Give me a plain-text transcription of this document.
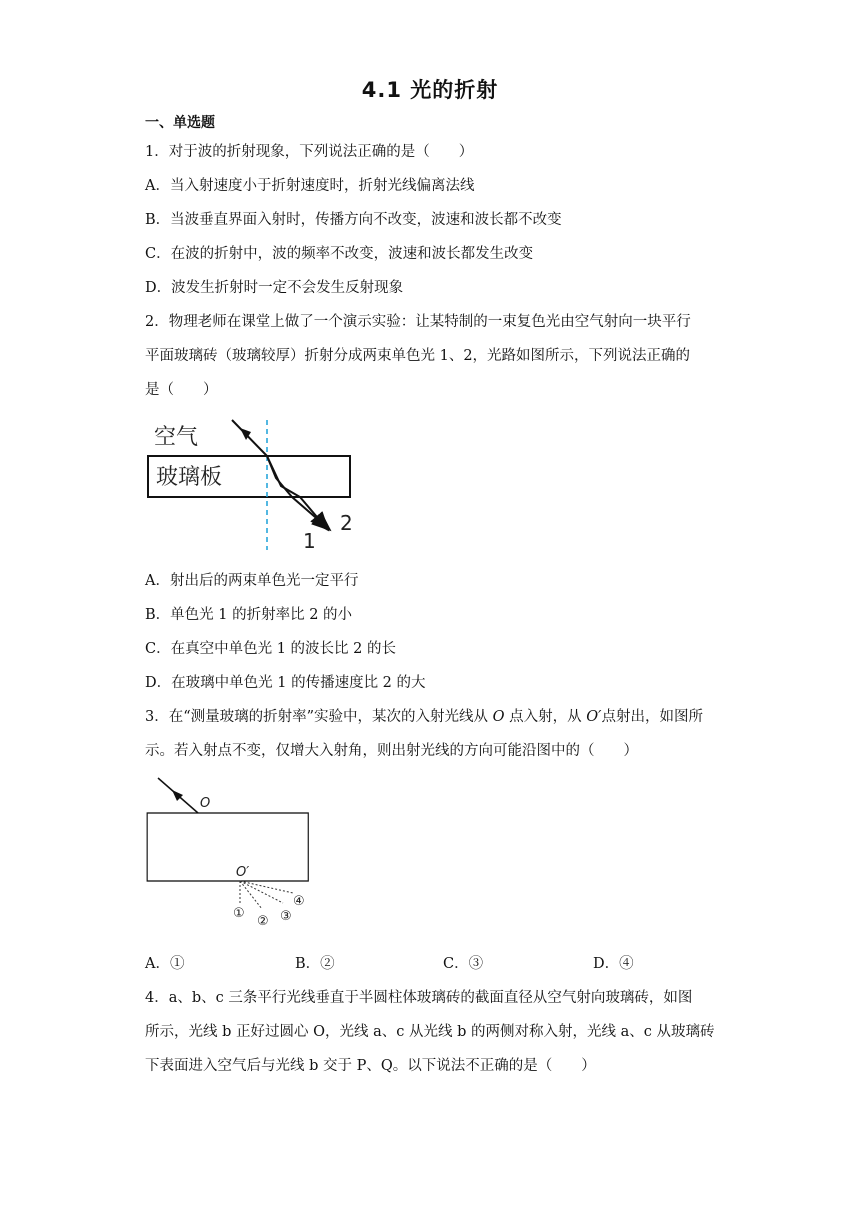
4.1 光的折射
一、单选题
1．对于波的折射现象，下列说法正确的是（　　）
A．当入射速度小于折射速度时，折射光线偏离法线
B．当波垂直界面入射时，传播方向不改变，波速和波长都不改变
C．在波的折射中，波的频率不改变，波速和波长都发生改变
D．波发生折射时一定不会发生反射现象
2．物理老师在课堂上做了一个演示实验：让某特制的一束复色光由空气射向一块平行
平面玻璃砖（玻璃较厚）折射分成两束单色光 1、2，光路如图所示，下列说法正确的
是（　　）
空气
玻璃板
2
1
A．射出后的两束单色光一定平行
B．单色光 1 的折射率比 2 的小
C．在真空中单色光 1 的波长比 2 的长
D．在玻璃中单色光 1 的传播速度比 2 的大
3．在“测量玻璃的折射率”实验中，某次的入射光线从 O 点入射，从 O′点射出，如图所
示。若入射点不变，仅增大入射角，则出射光线的方向可能沿图中的（　　）
O
O′
①
② ③
④
A．①	B．②	C．③	D．④
4．a、b、c 三条平行光线垂直于半圆柱体玻璃砖的截面直径从空气射向玻璃砖，如图
所示，光线 b 正好过圆心 O，光线 a、c 从光线 b 的两侧对称入射，光线 a、c 从玻璃砖
下表面进入空气后与光线 b 交于 P、Q。以下说法不正确的是（　　）
